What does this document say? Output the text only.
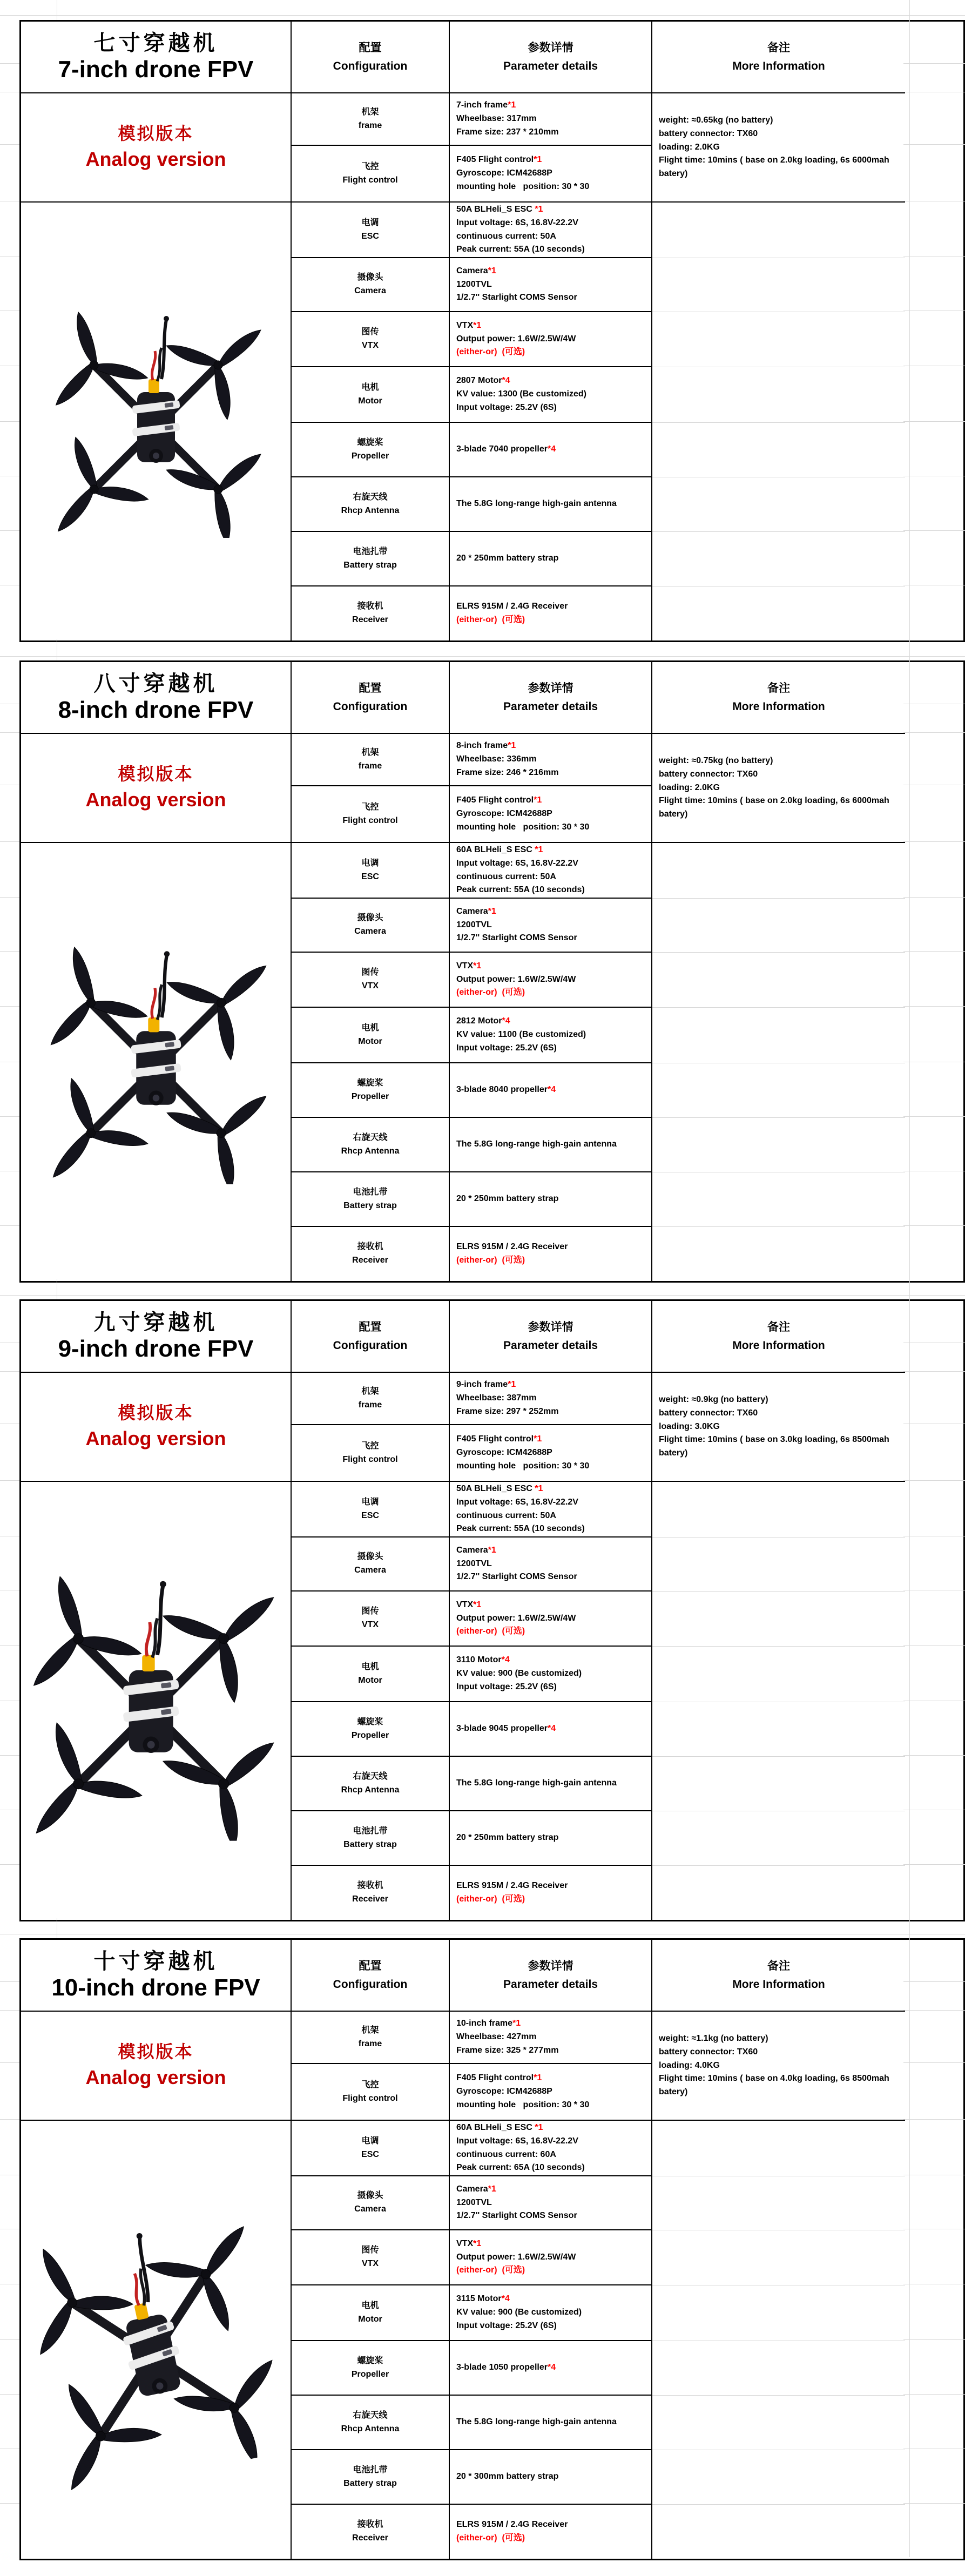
七寸穿越机
7-inch drone FPV
模拟版本
Analog version
配置
Configuration
参数详情
Parameter details
备注
More Information
weight: ≈0.65kg (no battery)
battery connector: TX60
loading: 2.0KG
Flight time: 10mins ( base on 2.0kg loading, 6s 6000mah batery)
机架
frame
7-inch frame*1
Wheelbase: 317mm
Frame size: 237 * 210mm
飞控
Flight control
F405 Flight control*1
Gyroscope: ICM42688P
mounting hole   position: 30 * 30
电调
ESC
50A BLHeli_S ESC *1
Input voltage: 6S, 16.8V-22.2V
continuous current: 50A
Peak current: 55A (10 seconds)
摄像头
Camera
Camera*1
1200TVL
1/2.7'' Starlight COMS Sensor
图传
VTX
VTX*1
Output power: 1.6W/2.5W/4W
(either-or)  (可选)
电机
Motor
2807 Motor*4
KV value: 1300 (Be customized)
Input voltage: 25.2V (6S)
螺旋桨
Propeller
3-blade 7040 propeller*4
右旋天线
Rhcp Antenna
The 5.8G long-range high-gain antenna
电池扎带
Battery strap
20 * 250mm battery strap
接收机
Receiver
ELRS 915M / 2.4G Receiver
(either-or)  (可选)
八寸穿越机
8-inch drone FPV
模拟版本
Analog version
配置
Configuration
参数详情
Parameter details
备注
More Information
weight: ≈0.75kg (no battery)
battery connector: TX60
loading: 2.0KG
Flight time: 10mins ( base on 2.0kg loading, 6s 6000mah batery)
机架
frame
8-inch frame*1
Wheelbase: 336mm
Frame size: 246 * 216mm
飞控
Flight control
F405 Flight control*1
Gyroscope: ICM42688P
mounting hole   position: 30 * 30
电调
ESC
60A BLHeli_S ESC *1
Input voltage: 6S, 16.8V-22.2V
continuous current: 50A
Peak current: 55A (10 seconds)
摄像头
Camera
Camera*1
1200TVL
1/2.7'' Starlight COMS Sensor
图传
VTX
VTX*1
Output power: 1.6W/2.5W/4W
(either-or)  (可选)
电机
Motor
2812 Motor*4
KV value: 1100 (Be customized)
Input voltage: 25.2V (6S)
螺旋桨
Propeller
3-blade 8040 propeller*4
右旋天线
Rhcp Antenna
The 5.8G long-range high-gain antenna
电池扎带
Battery strap
20 * 250mm battery strap
接收机
Receiver
ELRS 915M / 2.4G Receiver
(either-or)  (可选)
九寸穿越机
9-inch drone FPV
模拟版本
Analog version
配置
Configuration
参数详情
Parameter details
备注
More Information
weight: ≈0.9kg (no battery)
battery connector: TX60
loading: 3.0KG
Flight time: 10mins ( base on 3.0kg loading, 6s 8500mah batery)
机架
frame
9-inch frame*1
Wheelbase: 387mm
Frame size: 297 * 252mm
飞控
Flight control
F405 Flight control*1
Gyroscope: ICM42688P
mounting hole   position: 30 * 30
电调
ESC
50A BLHeli_S ESC *1
Input voltage: 6S, 16.8V-22.2V
continuous current: 50A
Peak current: 55A (10 seconds)
摄像头
Camera
Camera*1
1200TVL
1/2.7'' Starlight COMS Sensor
图传
VTX
VTX*1
Output power: 1.6W/2.5W/4W
(either-or)  (可选)
电机
Motor
3110 Motor*4
KV value: 900 (Be customized)
Input voltage: 25.2V (6S)
螺旋桨
Propeller
3-blade 9045 propeller*4
右旋天线
Rhcp Antenna
The 5.8G long-range high-gain antenna
电池扎带
Battery strap
20 * 250mm battery strap
接收机
Receiver
ELRS 915M / 2.4G Receiver
(either-or)  (可选)
十寸穿越机
10-inch drone FPV
模拟版本
Analog version
配置
Configuration
参数详情
Parameter details
备注
More Information
weight: ≈1.1kg (no battery)
battery connector: TX60
loading: 4.0KG
Flight time: 10mins ( base on 4.0kg loading, 6s 8500mah batery)
机架
frame
10-inch frame*1
Wheelbase: 427mm
Frame size: 325 * 277mm
飞控
Flight control
F405 Flight control*1
Gyroscope: ICM42688P
mounting hole   position: 30 * 30
电调
ESC
60A BLHeli_S ESC *1
Input voltage: 6S, 16.8V-22.2V
continuous current: 60A
Peak current: 65A (10 seconds)
摄像头
Camera
Camera*1
1200TVL
1/2.7'' Starlight COMS Sensor
图传
VTX
VTX*1
Output power: 1.6W/2.5W/4W
(either-or)  (可选)
电机
Motor
3115 Motor*4
KV value: 900 (Be customized)
Input voltage: 25.2V (6S)
螺旋桨
Propeller
3-blade 1050 propeller*4
右旋天线
Rhcp Antenna
The 5.8G long-range high-gain antenna
电池扎带
Battery strap
20 * 300mm battery strap
接收机
Receiver
ELRS 915M / 2.4G Receiver
(either-or)  (可选)
